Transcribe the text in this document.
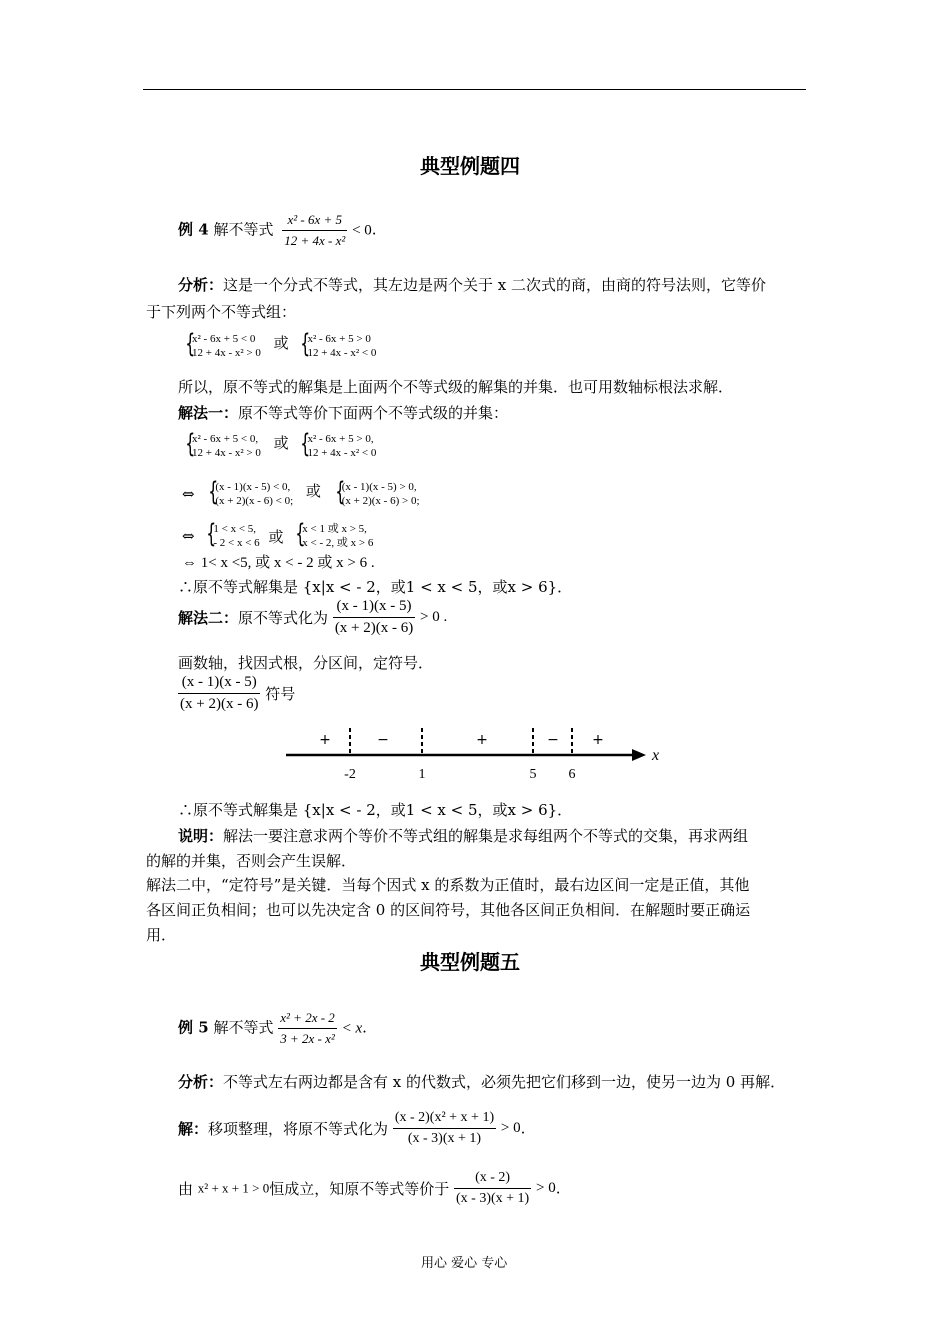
典型例题四
例 4 解不等式 $\frac{\text{x² - 6x + 5}}{\text{12 + 4x - x²}} < 0$.
分析：这是一个分式不等式，其左边是两个关于 x 二次式的商，由商的符号法则，它等价
于下列两个不等式组：
{ x² - 6x + 5 < 0
12 + 4x - x² > 0
或 { x² - 6x + 5 > 0
12 + 4x - x² < 0
所以，原不等式的解集是上面两个不等式级的解集的并集．也可用数轴标根法求解．
解法一：原不等式等价下面两个不等式级的并集：
{ x² - 6x + 5 < 0,
12 + 4x - x² > 0
或 { x² - 6x + 5 > 0,
12 + 4x - x² < 0
⇔ { (x - 1)(x - 5) < 0,
(x + 2)(x - 6) < 0;
或 { (x - 1)(x - 5) > 0,
(x + 2)(x - 6) > 0;
⇔ { 1 < x < 5,
- 2 < x < 6 或 { x < 1 或 x > 5,
x < - 2, 或 x > 6
⇔ 1< x <5, 或 x < - 2 或 x > 6 .
∴原不等式解集是 {x|x < - 2，或1 < x < 5，或x > 6}．
解法二：原不等式化为 $\frac{(x - 1)(x - 5)}{(x + 2)(x - 6)} > 0$ .
画数轴，找因式根，分区间，定符号．
$\frac{(x - 1)(x - 5)}{(x + 2)(x - 6)}$ 符号
-2	1	5 6
+	−	+	− +
x
∴原不等式解集是 {x|x < - 2，或1 < x < 5，或x > 6}．
说明：解法一要注意求两个等价不等式组的解集是求每组两个不等式的交集，再求两组
的解的并集，否则会产生误解．
解法二中，“定符号”是关键．当每个因式 x 的系数为正值时，最右边区间一定是正值，其他
各区间正负相间；也可以先决定含 0 的区间符号，其他各区间正负相间．在解题时要正确运
用．
典型例题五
例 5 解不等式 $\frac{\text{x² + 2x - 2}}{\text{3 + 2x - x²}} < x$.
分析：不等式左右两边都是含有 x 的代数式，必须先把它们移到一边，使另一边为 0 再解．
解：移项整理，将原不等式化为 $\frac{\text{(x - 2)(x² + x + 1)}}{(x - 3)(x + 1)} > 0$.
由 x² + x + 1 > 0恒成立，知原不等式等价于 $\frac{(x - 2)}{(x - 3)(x + 1)} > 0$.
用心 爱心 专心
